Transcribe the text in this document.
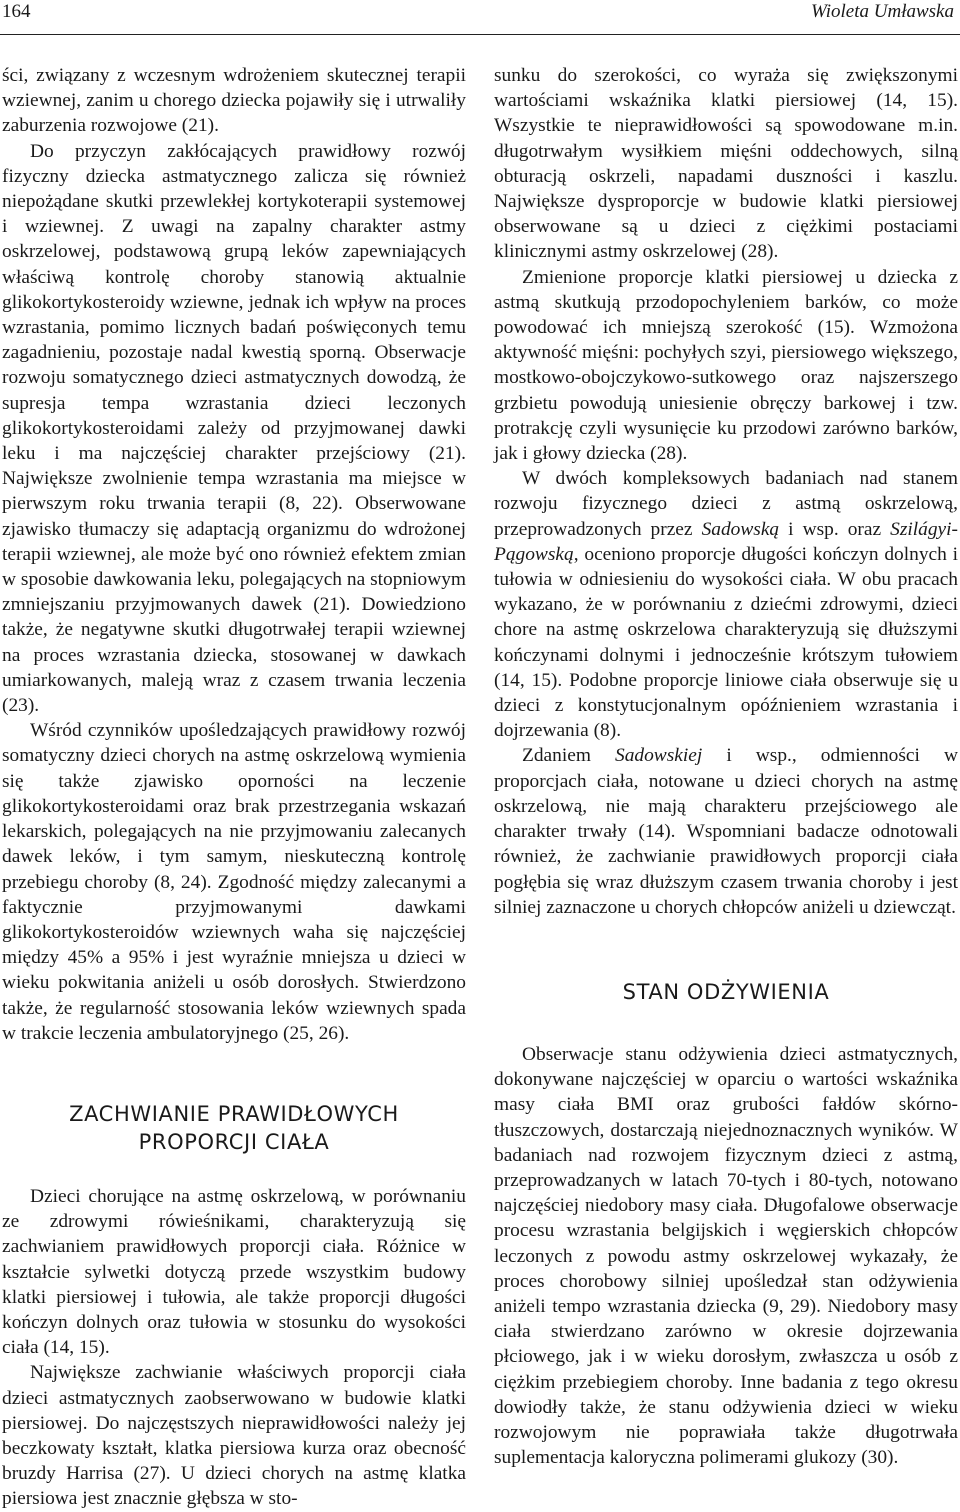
164	Wioleta Umławska

ści, związany z wczesnym wdrożeniem skutecznej terapii wziewnej, zanim u chorego dziecka pojawiły się i utrwaliły zaburzenia rozwojowe (21).

Do przyczyn zakłócających prawidłowy rozwój fizyczny dziecka astmatycznego zalicza się również niepożądane skutki przewlekłej kortykoterapii systemowej i wziewnej. Z uwagi na zapalny charakter astmy oskrzelowej, podstawową grupą leków zapewniających właściwą kontrolę choroby stanowią aktualnie glikokortykosteroidy wziewne, jednak ich wpływ na proces wzrastania, pomimo licznych badań poświęconych temu zagadnieniu, pozostaje nadal kwestią sporną. Obserwacje rozwoju somatycznego dzieci astmatycznych dowodzą, że supresja tempa wzrastania dzieci leczonych glikokortykosteroidami zależy od przyjmowanej dawki leku i ma najczęściej charakter przejściowy (21). Największe zwolnienie tempa wzrastania ma miejsce w pierwszym roku trwania terapii (8, 22). Obserwowane zjawisko tłumaczy się adaptacją organizmu do wdrożonej terapii wziewnej, ale może być ono również efektem zmian w sposobie dawkowania leku, polegających na stopniowym zmniejszaniu przyjmowanych dawek (21). Dowiedziono także, że negatywne skutki długotrwałej terapii wziewnej na proces wzrastania dziecka, stosowanej w dawkach umiarkowanych, maleją wraz z czasem trwania leczenia (23).

Wśród czynników upośledzających prawidłowy rozwój somatyczny dzieci chorych na astmę oskrzelową wymienia się także zjawisko oporności na leczenie glikokortykosteroidami oraz brak przestrzegania wskazań lekarskich, polegających na nie przyjmowaniu zalecanych dawek leków, i tym samym, nieskuteczną kontrolę przebiegu choroby (8, 24). Zgodność między zalecanymi a faktycznie przyjmowanymi dawkami glikokortykosteroidów wziewnych waha się najczęściej między 45% a 95% i jest wyraźnie mniejsza u dzieci w wieku pokwitania aniżeli u osób dorosłych. Stwierdzono także, że regularność stosowania leków wziewnych spada w trakcie leczenia ambulatoryjnego (25, 26).

ZACHWIANIE PRAWIDŁOWYCH
PROPORCJI CIAŁA

Dzieci chorujące na astmę oskrzelową, w porównaniu ze zdrowymi rówieśnikami, charakteryzują się zachwianiem prawidłowych proporcji ciała. Różnice w kształcie sylwetki dotyczą przede wszystkim budowy klatki piersiowej i tułowia, ale także proporcji długości kończyn dolnych oraz tułowia w stosunku do wysokości ciała (14, 15).

Największe zachwianie właściwych proporcji ciała dzieci astmatycznych zaobserwowano w budowie klatki piersiowej. Do najczęstszych nieprawidłowości należy jej beczkowaty kształt, klatka piersiowa kurza oraz obecność bruzdy Harrisa (27). U dzieci chorych na astmę klatka piersiowa jest znacznie głębsza w sto-

sunku do szerokości, co wyraża się zwiększonymi wartościami wskaźnika klatki piersiowej (14, 15). Wszystkie te nieprawidłowości są spowodowane m.in. długotrwałym wysiłkiem mięśni oddechowych, silną obturacją oskrzeli, napadami duszności i kaszlu. Największe dysproporcje w budowie klatki piersiowej obserwowane są u dzieci z ciężkimi postaciami klinicznymi astmy oskrzelowej (28).

Zmienione proporcje klatki piersiowej u dziecka z astmą skutkują przodopochyleniem barków, co może powodować ich mniejszą szerokość (15). Wzmożona aktywność mięśni: pochyłych szyi, piersiowego większego, mostkowo-obojczykowo-sutkowego oraz najszerszego grzbietu powodują uniesienie obręczy barkowej i tzw. protrakcję czyli wysunięcie ku przodowi zarówno barków, jak i głowy dziecka (28).

W dwóch kompleksowych badaniach nad stanem rozwoju fizycznego dzieci z astmą oskrzelową, przeprowadzonych przez Sadowską i wsp. oraz Szilágyi-Pągowską, oceniono proporcje długości kończyn dolnych i tułowia w odniesieniu do wysokości ciała. W obu pracach wykazano, że w porównaniu z dziećmi zdrowymi, dzieci chore na astmę oskrzelowa charakteryzują się dłuższymi kończynami dolnymi i jednocześnie krótszym tułowiem (14, 15). Podobne proporcje liniowe ciała obserwuje się u dzieci z konstytucjonalnym opóźnieniem wzrastania i dojrzewania (8).

Zdaniem Sadowskiej i wsp., odmienności w proporcjach ciała, notowane u dzieci chorych na astmę oskrzelową, nie mają charakteru przejściowego ale charakter trwały (14). Wspomniani badacze odnotowali również, że zachwianie prawidłowych proporcji ciała pogłębia się wraz dłuższym czasem trwania choroby i jest silniej zaznaczone u chorych chłopców aniżeli u dziewcząt.

STAN ODŻYWIENIA

Obserwacje stanu odżywienia dzieci astmatycznych, dokonywane najczęściej w oparciu o wartości wskaźnika masy ciała BMI oraz grubości fałdów skórno-tłuszczowych, dostarczają niejednoznacznych wyników. W badaniach nad rozwojem fizycznym dzieci z astmą, przeprowadzanych w latach 70-tych i 80-tych, notowano najczęściej niedobory masy ciała. Długofalowe obserwacje procesu wzrastania belgijskich i węgierskich chłopców leczonych z powodu astmy oskrzelowej wykazały, że proces chorobowy silniej upośledzał stan odżywienia aniżeli tempo wzrastania dziecka (9, 29). Niedobory masy ciała stwierdzano zarówno w okresie dojrzewania płciowego, jak i w wieku dorosłym, zwłaszcza u osób z ciężkim przebiegiem choroby. Inne badania z tego okresu dowiodły także, że stanu odżywienia dzieci w wieku rozwojowym nie poprawiała także długotrwała suplementacja kaloryczna polimerami glukozy (30).
